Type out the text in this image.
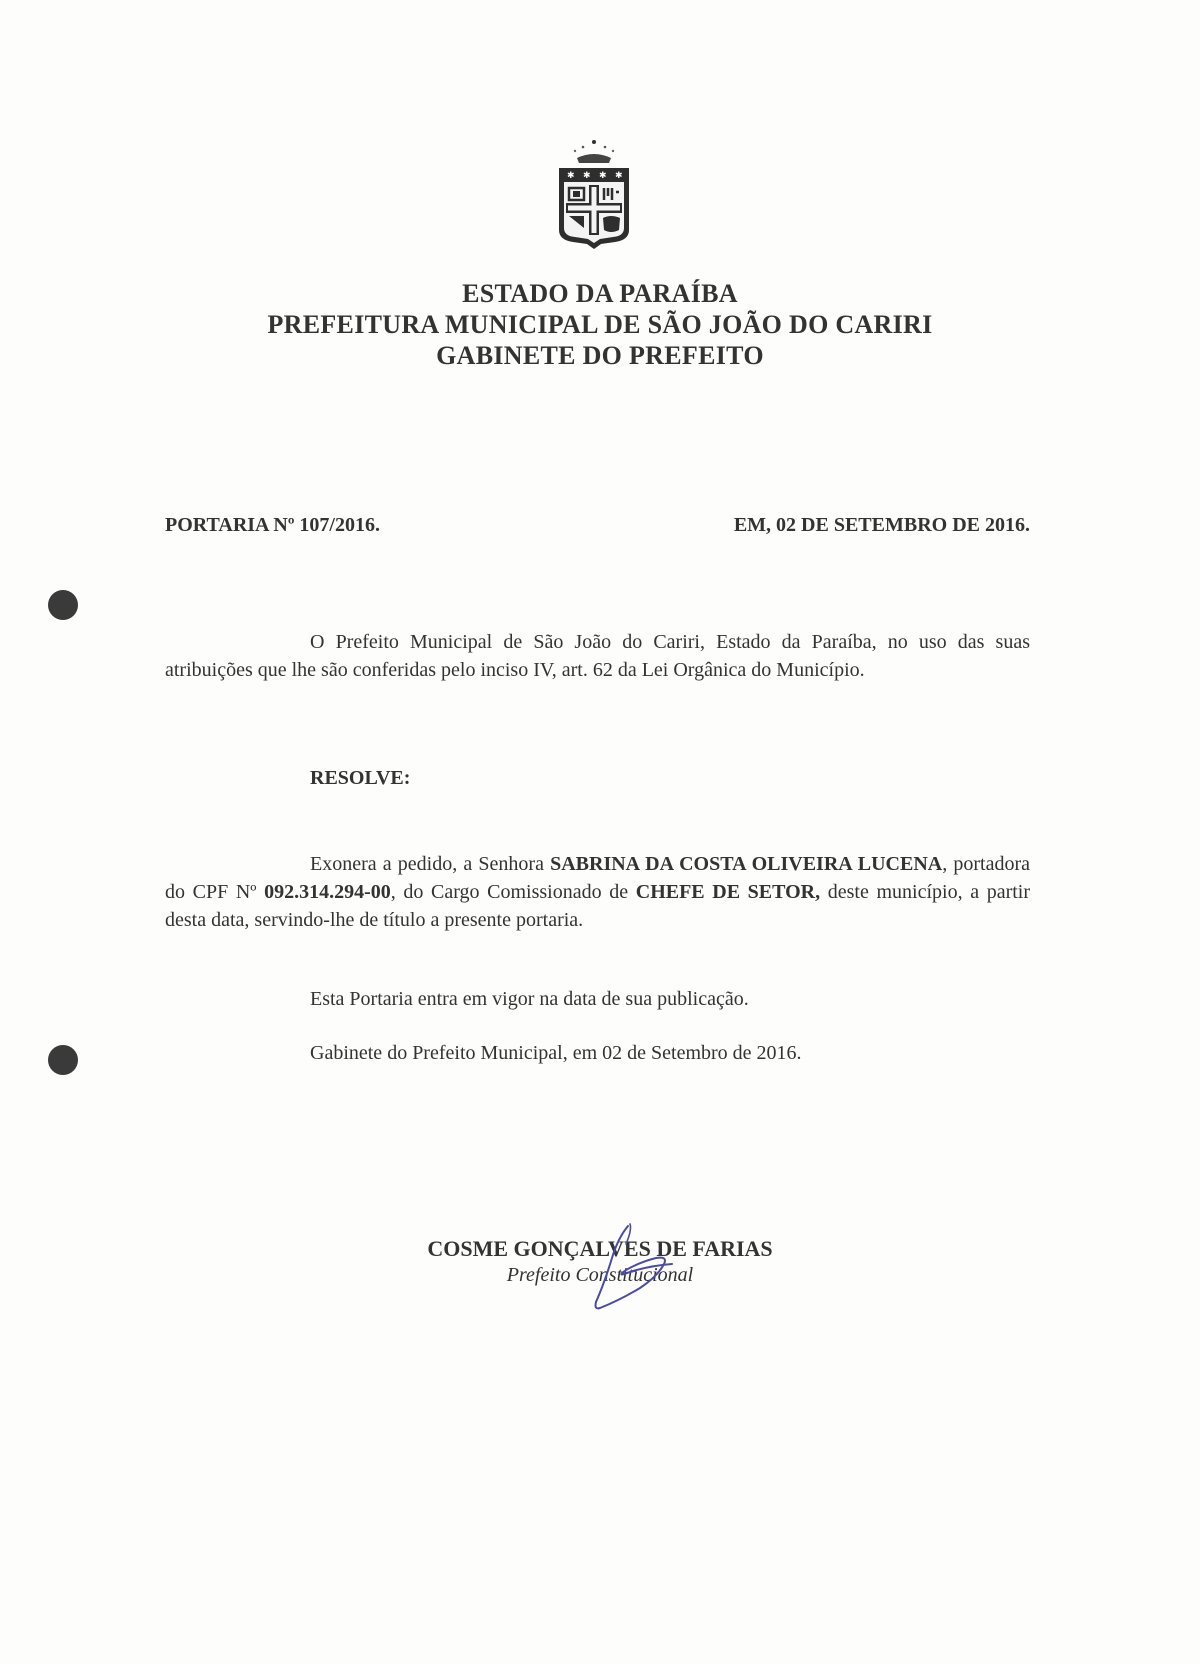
✱ ✱ ✱ ✱
ESTADO DA PARAÍBA
PREFEITURA MUNICIPAL DE SÃO JOÃO DO CARIRI
GABINETE DO PREFEITO
PORTARIA Nº 107/2016.	EM, 02 DE SETEMBRO DE 2016.
O Prefeito Municipal de São João do Cariri, Estado da Paraíba, no uso das suas atribuições que lhe são conferidas pelo inciso IV, art. 62 da Lei Orgânica do Município.
RESOLVE:
Exonera a pedido, a Senhora SABRINA DA COSTA OLIVEIRA LUCENA, portadora do CPF Nº 092.314.294-00, do Cargo Comissionado de CHEFE DE SETOR, deste município, a partir desta data, servindo-lhe de título a presente portaria.
Esta Portaria entra em vigor na data de sua publicação.
Gabinete do Prefeito Municipal, em 02 de Setembro de 2016.
COSME GONÇALVES DE FARIAS
Prefeito Constitucional
